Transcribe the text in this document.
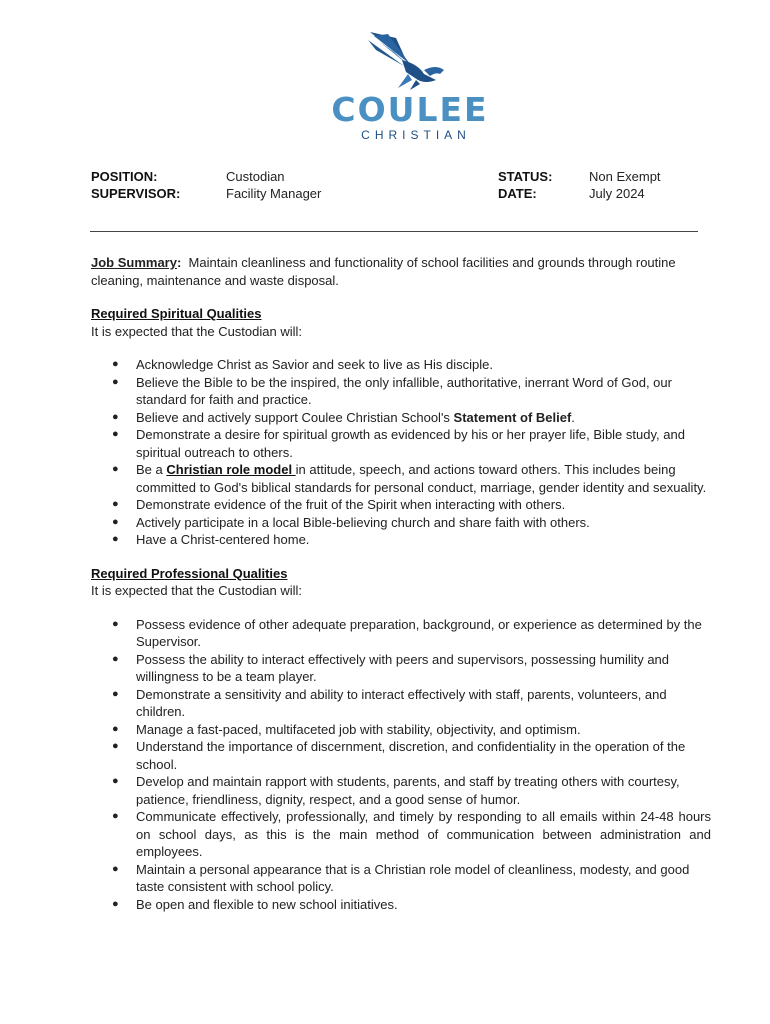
COULEE
CHRISTIAN
POSITION:	Custodian
SUPERVISOR:	Facility Manager
STATUS:	Non Exempt
DATE:	July 2024

Job Summary:  Maintain cleanliness and functionality of school facilities and grounds through routine cleaning, maintenance and waste disposal.

Required Spiritual Qualities

It is expected that the Custodian will:

● Acknowledge Christ as Savior and seek to live as His disciple.
● Believe the Bible to be the inspired, the only infallible, authoritative, inerrant Word of God, our standard for faith and practice.
● Believe and actively support Coulee Christian School's Statement of Belief.
● Demonstrate a desire for spiritual growth as evidenced by his or her prayer life, Bible study, and spiritual outreach to others.
● Be a Christian role model in attitude, speech, and actions toward others. This includes being committed to God's biblical standards for personal conduct, marriage, gender identity and sexuality.
● Demonstrate evidence of the fruit of the Spirit when interacting with others.
● Actively participate in a local Bible-believing church and share faith with others.
● Have a Christ-centered home.

Required Professional Qualities

It is expected that the Custodian will:

● Possess evidence of other adequate preparation, background, or experience as determined by the Supervisor.
● Possess the ability to interact effectively with peers and supervisors, possessing humility and willingness to be a team player.
● Demonstrate a sensitivity and ability to interact effectively with staff, parents, volunteers, and children.
● Manage a fast-paced, multifaceted job with stability, objectivity, and optimism.
● Understand the importance of discernment, discretion, and confidentiality in the operation of the school.
● Develop and maintain rapport with students, parents, and staff by treating others with courtesy, patience, friendliness, dignity, respect, and a good sense of humor.
● Communicate effectively, professionally, and timely by responding to all emails within 24-48 hours on school days, as this is the main method of communication between administration and employees.
● Maintain a personal appearance that is a Christian role model of cleanliness, modesty, and good taste consistent with school policy.
● Be open and flexible to new school initiatives.
